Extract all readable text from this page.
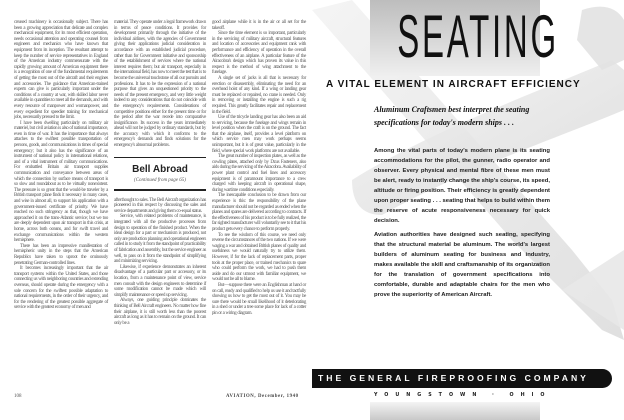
creased machinery is occasionally subject. There has been a growing appreciation that delicate and complex mechanical equipment, for its most efficient operation, needs occasional attention and operating counsel from engineers and mechanics who have known that equipment from its inception. The resultant attempt to keep the number of service representatives in England of the American industry commensurate with the rapidly growing amount of American equipment there is a recognition of one of the fundamental requirements of getting the most out of the aircraft and their engines and accessories. The guidance that American-trained experts can give is particularly important under the conditions of a country at war, with skilled labor never available in quantities to meet all the demands, and with every resource of manpower and womanpower, and every expedient for speedier training for mechanical jobs, necessarily pressed to the limit.

I have been dwelling particularly on military air materiel, but civil aviation is also of national importance, even in time of war. It has the importance that always attaches to the swiftest possible transportation of persons, goods, and communications in times of special emergency; but it also has the significance of an instrument of national policy in international relations, and of a vital instrument of military communications. For embattled Britain air transport supplies communication and conveyance between areas of which the connection by surface means of transport is so slow and roundabout as to be virtually nonexistent. The pressure is so great that the would-be traveler by a British transport plane finds it necessary in many cases, and wise in almost all, to support his application with a government-issued certificate of priority. We have reached no such stringency as that, though we have approached it on the trans-Atlantic service; but we too are deeply dependent upon air transport in this crisis, at home, across both oceans, and for swift travel and exchange communications within the western hemisphere.

There has been an impressive manifestation of hemispheric unity in the steps that the American Republics have taken to uproot the ominously penetrating German-controlled lines.

It becomes increasingly important that the air transport systems within the United States, and those connecting us with neighboring countries and extending overseas, should operate during the emergency with a sole concern for the swiftest possible adaptation to national requirements, in the order of their urgency, and for the rendering of the greatest possible aggregate of service with the greatest economy of men and

material. They operate under a legal framework drawn in terms of peace conditions. It provides for development primarily through the initiative of the individual airlines, with the agencies of Government giving their applications judicial consideration in accordance with an established judicial procedure, rather than for Government initiative and sponsorship of the establishment of services where the national interest requires them; but air transport, especially in the international field, has now to meet the test that is to become the universal touchstone of all our pursuits and professions. It has to be the expression of a national purpose that gives an unquestioned priority to the needs of the present emergency, and very little weight indeed to any considerations that do not coincide with the emergency's requirements. Considerations of competitive positions either for the present time or for the period after the war recede into comparative insignificance. Its success in the years immediately ahead will not be judged by ordinary standards, but by the accuracy with which it conforms to the emergency's demands and finds solutions for the emergency's abnormal problems.

Bell Abroad
(Continued from page 65)

afterthought to sales. The Bell Aircraft organization has pioneered in this respect by discussing the sales and service departments and giving them co-equal status.

Service, with related problems of maintenance, is integrated with all the productive processes from design to operation of the finished product. When the ideal design for a part or mechanism is produced, not only are production planning and operational engineers called in to study it from the standpoint of practicability of fabrication and assembly, but the service engineer as well, to pass on it from the standpoint of simplifying and minimizing servicing.

Likewise, if experience demonstrates an inherent disadvantage of a particular part or accessory, or its location, from a maintenance point of view, service men consult with the design engineers to determine if some modification cannot be made which will simplify maintenance or speed up servicing.

Always, one guiding principle dominates the thinking of Bell Aircraft engineers. No matter how fine their airplane, it is still worth less than the poorest aircraft as long as it has to remain on the ground. It can only be a

good airplane while it is in the air or all set for the takeoff.

Since the time element is so important, particularly in the servicing of military aircraft, structural features and location of accessories and equipment rank with performance and efficiency of operation in the overall effectiveness of an airplane. A particular feature of the Airacobra's design which has proven its value in this respect is the method of wing attachment to the fuselage.

A single set of jacks is all that is necessary for erection or disassembly, eliminating the need for an overhead hoist of any kind. If a wing or landing gear must be replaced or repaired, no crane is needed. Only in removing or installing the engine is such a rig required. This greatly facilitates repair and replacement in the field.

Use of the tricycle landing gear has also been an aid to servicing, because the fuselage and wings remain in level position when the craft is on the ground. The fact that the airplane, itself, provides a level platform on which service men may work perhaps seems unimportant, but it is of great value, particularly in the field, where special work platforms are not available.

The great number of inspection plates, as well as the cowling plates, attached only by Dzus Fasteners, also aids during the servicing of the Airacobra. Availability of power plant control and fuel lines and accessory equipment is of paramount importance to a crew charged with keeping aircraft in operational shape, during wartime conditions especially.

The inescapable conclusion to be drawn from our experience is this: the responsibility of the plane manufacturer should not be regarded as ended when the planes and spares are delivered according to contracts. If the effectiveness of his product is to be fully realized, the far sighted manufacturer will voluntarily see to it that his product gets every chance to perform properly.

To see the wisdom of this course, we need only reverse the circumstances of the two nations. If we were waging a war and obtained British planes of quality and usefulness we would naturally try to utilize them. However, if for the lack of replacement parts, proper tools at the proper place, or trained mechanics to spare who could perform the work, we had to push them aside and do our utmost with familiar equipment, we would not be all to blame.

But—suppose there were an Englishman at hand or on call, ready and qualified to help us use it and tactfully showing us how to get the most out of it. You may be sure there would be small likelihood of it deteriorating in a shed or under a tree some place for lack of a cotter pin or a wiring diagram.

108	AVIATION, December, 1940
SEATING
A VITAL ELEMENT IN AIRCRAFT EFFICIENCY
Aluminum Craftsmen best interpret the seating
specifications for today's modern ships . . .

Among the vital parts of today's modern plane is its seating accommodations for the pilot, the gunner, radio operator and observer. Every physical and mental fibre of these men must be alert, ready to instantly change the ship's course, its speed, altitude or firing position. Their efficiency is greatly dependent upon proper seating . . . seating that helps to build within them the reserve of acute responsiveness necessary for quick decision.

Aviation authorities have designed such seating, specifying that the structural material be aluminum. The world's largest builders of aluminum seating for business and industry, makes available the skill and craftsmanship of its organization for the translation of government specifications into comfortable, durable and adaptable chairs for the men who prove the superiority of American Aircraft.

THE GENERAL FIREPROOFING COMPANY
YOUNGSTOWN · OHIO
